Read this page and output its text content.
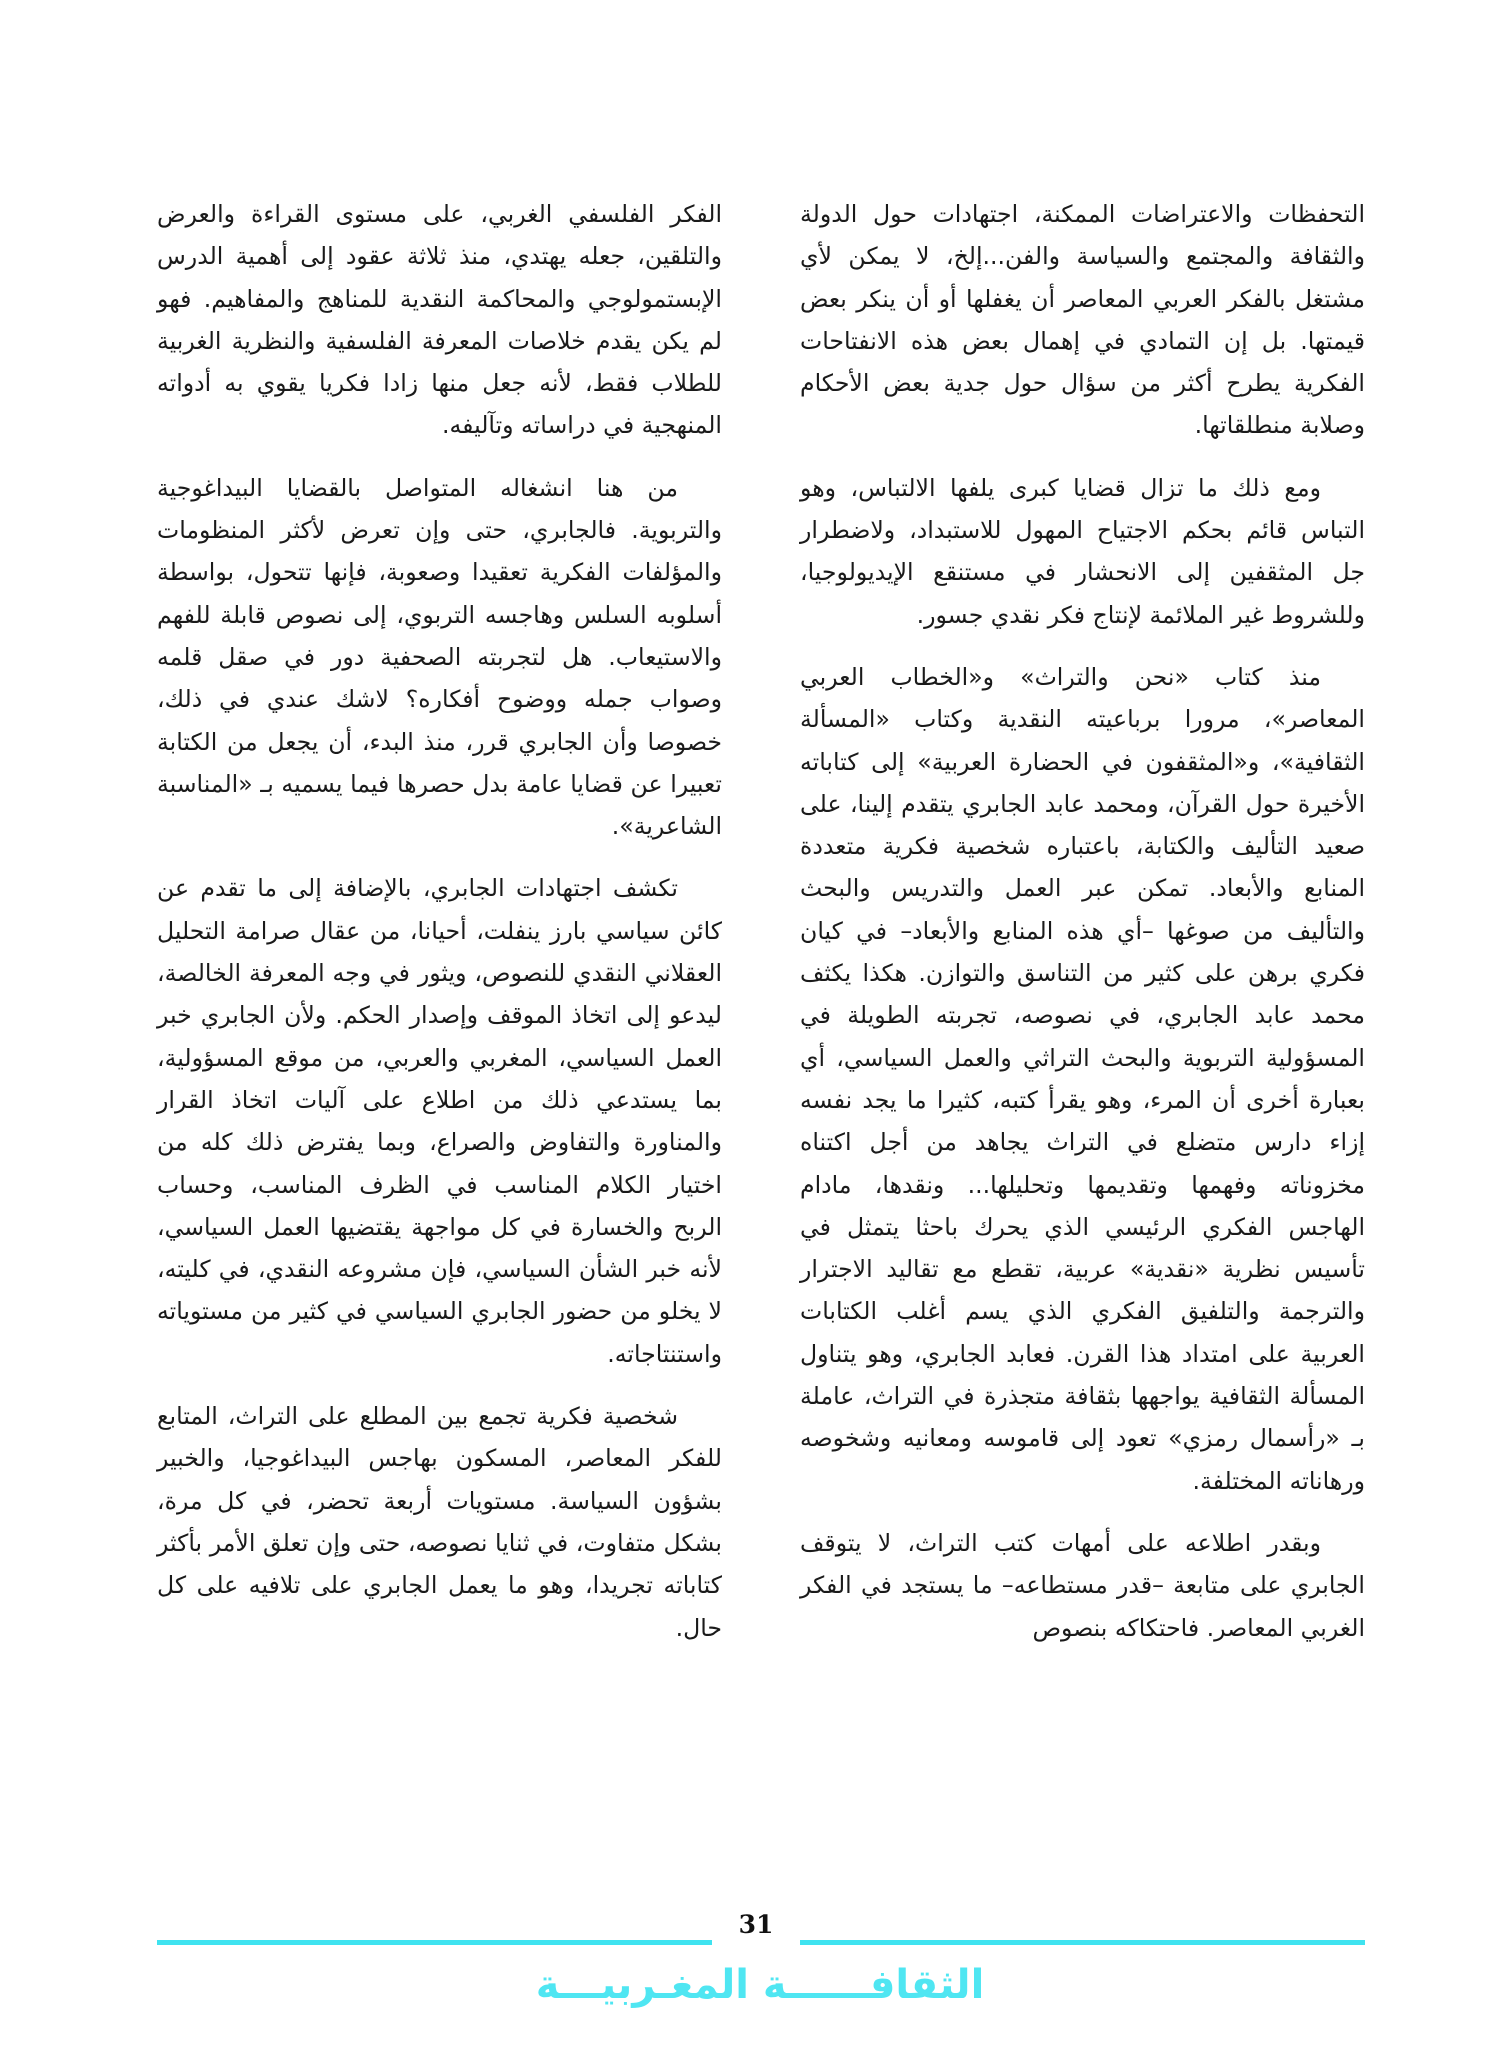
التحفظات والاعتراضات الممكنة، اجتهادات حول الدولة والثقافة والمجتمع والسياسة والفن...إلخ، لا يمكن لأي مشتغل بالفكر العربي المعاصر أن يغفلها أو أن ينكر بعض قيمتها. بل إن التمادي في إهمال بعض هذه الانفتاحات الفكرية يطرح أكثر من سؤال حول جدية بعض الأحكام وصلابة منطلقاتها.

ومع ذلك ما تزال قضايا كبرى يلفها الالتباس، وهو التباس قائم بحكم الاجتياح المهول للاستبداد، ولاضطرار جل المثقفين إلى الانحشار في مستنقع الإيديولوجيا، وللشروط غير الملائمة لإنتاج فكر نقدي جسور.

منذ كتاب «نحن والتراث» و«الخطاب العربي المعاصر»، مرورا برباعيته النقدية وكتاب «المسألة الثقافية»، و«المثقفون في الحضارة العربية» إلى كتاباته الأخيرة حول القرآن، ومحمد عابد الجابري يتقدم إلينا، على صعيد التأليف والكتابة، باعتباره شخصية فكرية متعددة المنابع والأبعاد. تمكن عبر العمل والتدريس والبحث والتأليف من صوغها –أي هذه المنابع والأبعاد– في كيان فكري برهن على كثير من التناسق والتوازن. هكذا يكثف محمد عابد الجابري، في نصوصه، تجربته الطويلة في المسؤولية التربوية والبحث التراثي والعمل السياسي، أي بعبارة أخرى أن المرء، وهو يقرأ كتبه، كثيرا ما يجد نفسه إزاء دارس متضلع في التراث يجاهد من أجل اكتناه مخزوناته وفهمها وتقديمها وتحليلها... ونقدها، مادام الهاجس الفكري الرئيسي الذي يحرك باحثا يتمثل في تأسيس نظرية «نقدية» عربية، تقطع مع تقاليد الاجترار والترجمة والتلفيق الفكري الذي يسم أغلب الكتابات العربية على امتداد هذا القرن. فعابد الجابري، وهو يتناول المسألة الثقافية يواجهها بثقافة متجذرة في التراث، عاملة بـ «رأسمال رمزي» تعود إلى قاموسه ومعانيه وشخوصه ورهاناته المختلفة.

وبقدر اطلاعه على أمهات كتب التراث، لا يتوقف الجابري على متابعة –قدر مستطاعه– ما يستجد في الفكر الغربي المعاصر. فاحتكاكه بنصوص

الفكر الفلسفي الغربي، على مستوى القراءة والعرض والتلقين، جعله يهتدي، منذ ثلاثة عقود إلى أهمية الدرس الإبستمولوجي والمحاكمة النقدية للمناهج والمفاهيم. فهو لم يكن يقدم خلاصات المعرفة الفلسفية والنظرية الغربية للطلاب فقط، لأنه جعل منها زادا فكريا يقوي به أدواته المنهجية في دراساته وتآليفه.

من هنا انشغاله المتواصل بالقضايا البيداغوجية والتربوية. فالجابري، حتى وإن تعرض لأكثر المنظومات والمؤلفات الفكرية تعقيدا وصعوبة، فإنها تتحول، بواسطة أسلوبه السلس وهاجسه التربوي، إلى نصوص قابلة للفهم والاستيعاب. هل لتجربته الصحفية دور في صقل قلمه وصواب جمله ووضوح أفكاره؟ لاشك عندي في ذلك، خصوصا وأن الجابري قرر، منذ البدء، أن يجعل من الكتابة تعبيرا عن قضايا عامة بدل حصرها فيما يسميه بـ «المناسبة الشاعرية».

تكشف اجتهادات الجابري، بالإضافة إلى ما تقدم عن كائن سياسي بارز ينفلت، أحيانا، من عقال صرامة التحليل العقلاني النقدي للنصوص، ويثور في وجه المعرفة الخالصة، ليدعو إلى اتخاذ الموقف وإصدار الحكم. ولأن الجابري خبر العمل السياسي، المغربي والعربي، من موقع المسؤولية، بما يستدعي ذلك من اطلاع على آليات اتخاذ القرار والمناورة والتفاوض والصراع، وبما يفترض ذلك كله من اختيار الكلام المناسب في الظرف المناسب، وحساب الربح والخسارة في كل مواجهة يقتضيها العمل السياسي، لأنه خبر الشأن السياسي، فإن مشروعه النقدي، في كليته، لا يخلو من حضور الجابري السياسي في كثير من مستوياته واستنتاجاته.

شخصية فكرية تجمع بين المطلع على التراث، المتابع للفكر المعاصر، المسكون بهاجس البيداغوجيا، والخبير بشؤون السياسة. مستويات أربعة تحضر، في كل مرة، بشكل متفاوت، في ثنايا نصوصه، حتى وإن تعلق الأمر بأكثر كتاباته تجريدا، وهو ما يعمل الجابري على تلافيه على كل حال.

31
الثقافــــــة المغـربيـــة
